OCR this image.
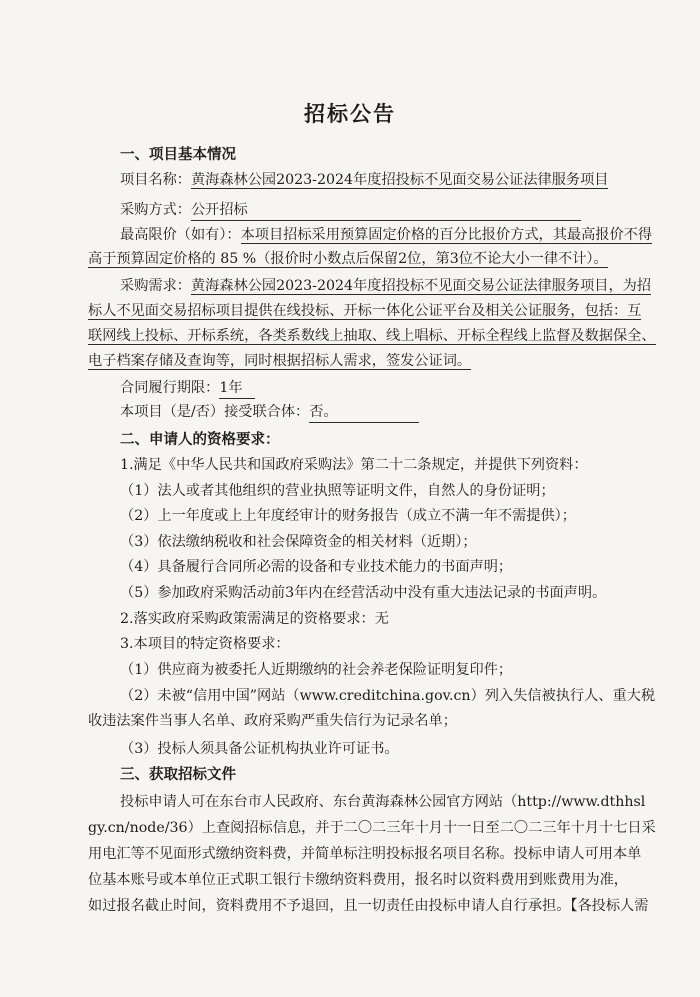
招标公告
一、项目基本情况
项目名称：黄海森林公园2023-2024年度招投标不见面交易公证法律服务项目
采购方式：公开招标
最高限价（如有）：本项目招标采用预算固定价格的百分比报价方式，其最高报价不得
高于预算固定价格的 85 %（报价时小数点后保留2位，第3位不论大小一律不计）。
采购需求：黄海森林公园2023-2024年度招投标不见面交易公证法律服务项目，为招
标人不见面交易招标项目提供在线投标、开标一体化公证平台及相关公证服务，包括：互
联网线上投标、开标系统，各类系数线上抽取、线上唱标、开标全程线上监督及数据保全、
电子档案存储及查询等，同时根据招标人需求，签发公证词。
合同履行期限：1年
本项目（是/否）接受联合体：否。
二、申请人的资格要求：
1.满足《中华人民共和国政府采购法》第二十二条规定，并提供下列资料：
（1）法人或者其他组织的营业执照等证明文件，自然人的身份证明；
（2）上一年度或上上年度经审计的财务报告（成立不满一年不需提供）；
（3）依法缴纳税收和社会保障资金的相关材料（近期）；
（4）具备履行合同所必需的设备和专业技术能力的书面声明；
（5）参加政府采购活动前3年内在经营活动中没有重大违法记录的书面声明。
2.落实政府采购政策需满足的资格要求：无
3.本项目的特定资格要求：
（1）供应商为被委托人近期缴纳的社会养老保险证明复印件；
（2）未被“信用中国”网站（www.creditchina.gov.cn）列入失信被执行人、重大税
收违法案件当事人名单、政府采购严重失信行为记录名单；
（3）投标人须具备公证机构执业许可证书。
三、获取招标文件
投标申请人可在东台市人民政府、东台黄海森林公园官方网站（http://www.dthhsl
gy.cn/node/36）上查阅招标信息，并于二〇二三年十月十一日至二〇二三年十月十七日采
用电汇等不见面形式缴纳资料费，并简单标注明投标报名项目名称。投标申请人可用本单
位基本账号或本单位正式职工银行卡缴纳资料费用，报名时以资料费用到账费用为准，
如过报名截止时间，资料费用不予退回，且一切责任由投标申请人自行承担。【各投标人需
